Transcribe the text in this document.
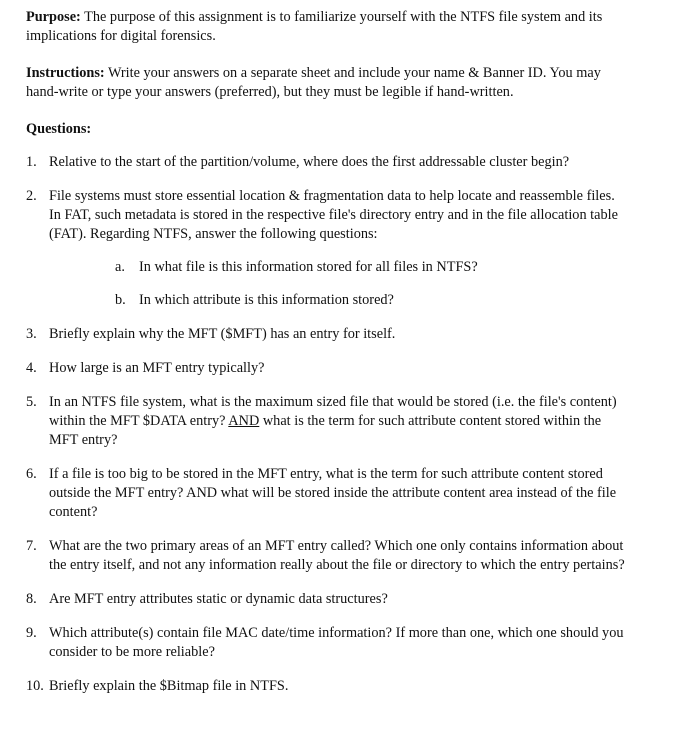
Purpose: The purpose of this assignment is to familiarize yourself with the NTFS file system and its implications for digital forensics.

Instructions: Write your answers on a separate sheet and include your name & Banner ID. You may hand-write or type your answers (preferred), but they must be legible if hand-written.

Questions:

1. Relative to the start of the partition/volume, where does the first addressable cluster begin?
2. File systems must store essential location & fragmentation data to help locate and reassemble files. In FAT, such metadata is stored in the respective file's directory entry and in the file allocation table (FAT). Regarding NTFS, answer the following questions:
a. In what file is this information stored for all files in NTFS?
b. In which attribute is this information stored?
3. Briefly explain why the MFT ($MFT) has an entry for itself.
4. How large is an MFT entry typically?
5. In an NTFS file system, what is the maximum sized file that would be stored (i.e. the file's content) within the MFT $DATA entry? AND what is the term for such attribute content stored within the MFT entry?
6. If a file is too big to be stored in the MFT entry, what is the term for such attribute content stored outside the MFT entry? AND what will be stored inside the attribute content area instead of the file content?
7. What are the two primary areas of an MFT entry called? Which one only contains information about the entry itself, and not any information really about the file or directory to which the entry pertains?
8. Are MFT entry attributes static or dynamic data structures?
9. Which attribute(s) contain file MAC date/time information? If more than one, which one should you consider to be more reliable?
10. Briefly explain the $Bitmap file in NTFS.
